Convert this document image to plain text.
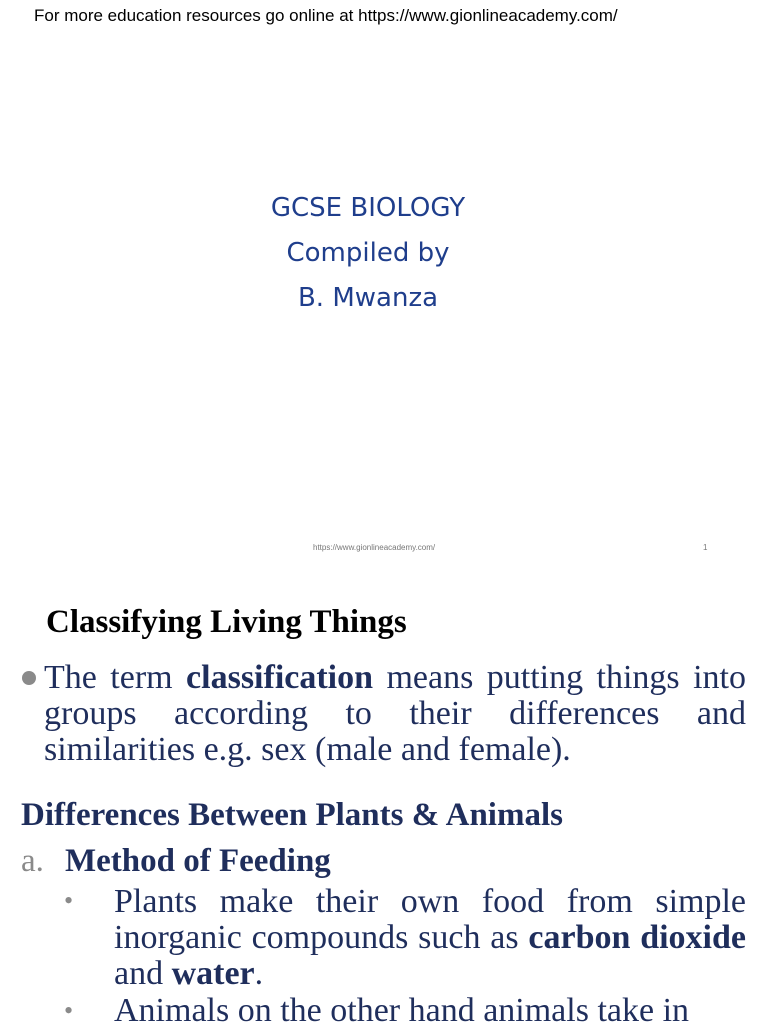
For more education resources go online at https://www.gionlineacademy.com/
GCSE BIOLOGY
Compiled by
B. Mwanza
https://www.gionlineacademy.com/	1
Classifying Living Things
The term classification means putting things into groups according to their differences and similarities e.g. sex (male and female).
Differences Between Plants & Animals
a. Method of Feeding
• Plants make their own food from simple inorganic compounds such as carbon dioxide and water.
• Animals on the other hand animals take in
